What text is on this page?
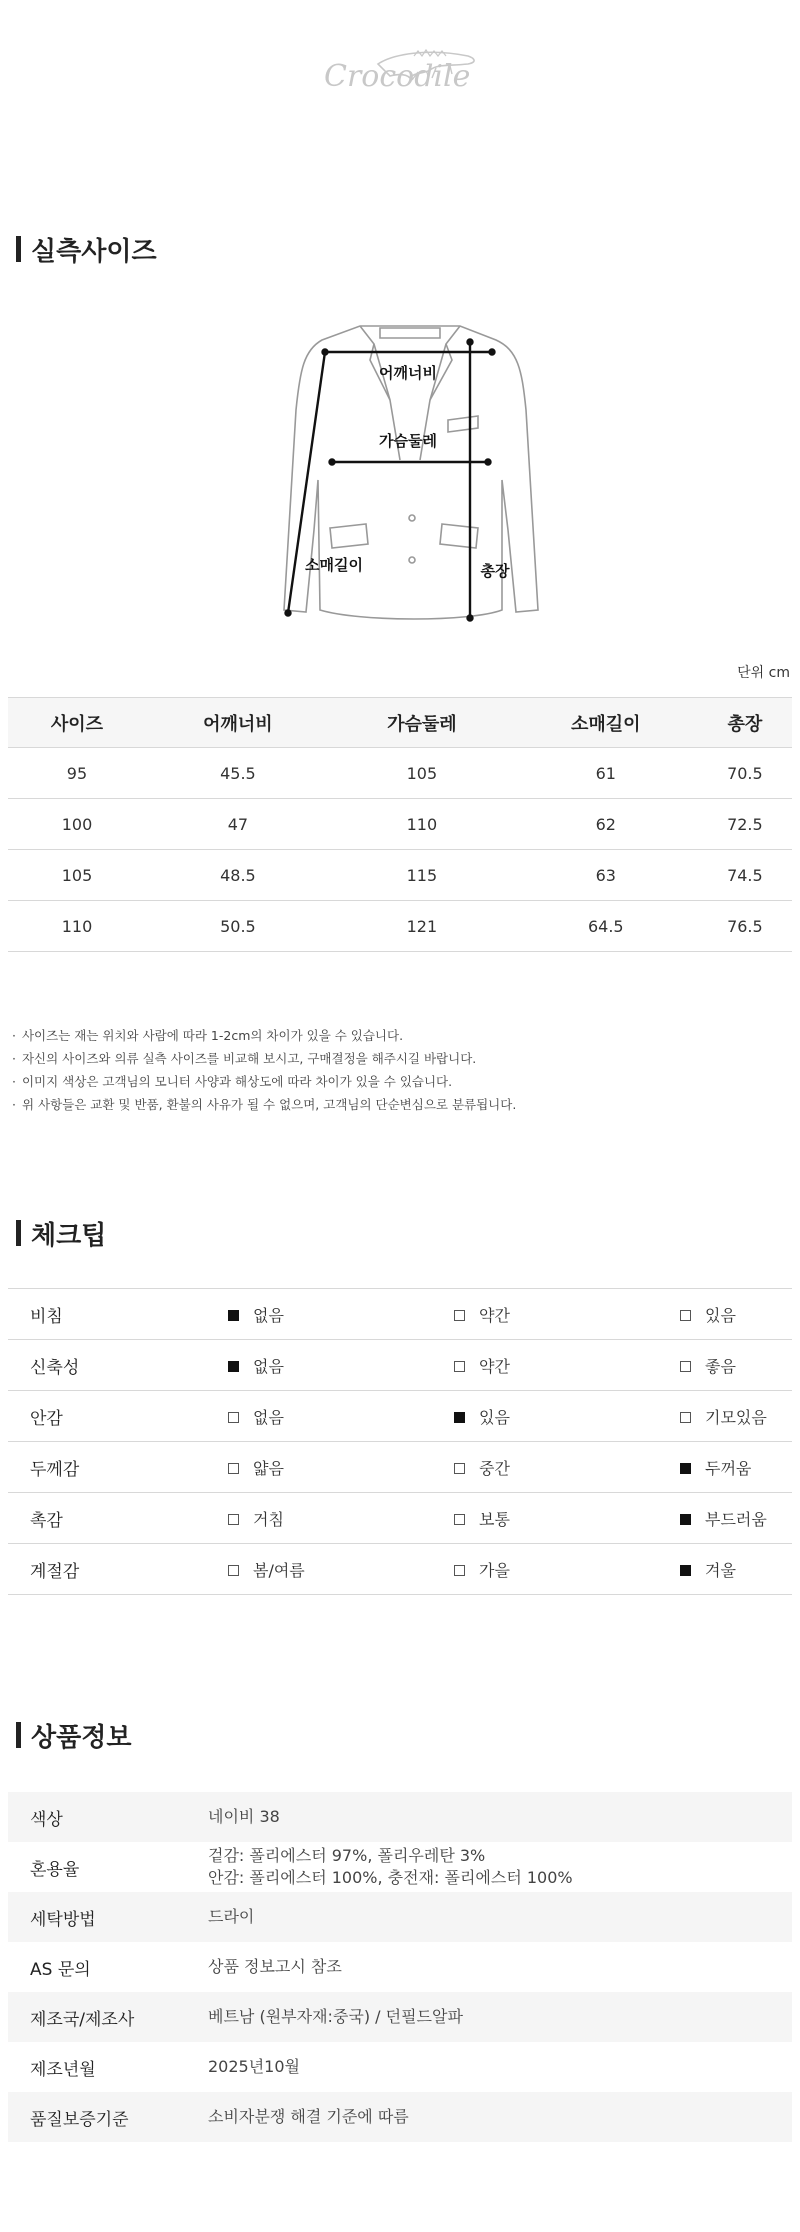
Crocodile
실측사이즈
어깨너비
가슴둘레
소매길이	총장
단위 cm
사이즈	어깨너비	가슴둘레	소매길이	총장
95	45.5	105	61	70.5
100	47	110	62	72.5
105	48.5	115	63	74.5
110	50.5	121	64.5	76.5
· 사이즈는 재는 위치와 사람에 따라 1-2cm의 차이가 있을 수 있습니다.
· 자신의 사이즈와 의류 실측 사이즈를 비교해 보시고, 구매결정을 해주시길 바랍니다.
· 이미지 색상은 고객님의 모니터 사양과 해상도에 따라 차이가 있을 수 있습니다.
· 위 사항들은 교환 및 반품, 환불의 사유가 될 수 없으며, 고객님의 단순변심으로 분류됩니다.
체크팁
비침	없음	약간	있음
신축성	없음	약간	좋음
안감	없음	있음	기모있음
두께감	얇음	중간	두꺼움
촉감	거침	보통	부드러움
계절감	봄/여름	가을	겨울
상품정보
색상	네이비 38

혼용율	겉감: 폴리에스터 97%, 폴리우레탄 3%
안감: 폴리에스터 100%, 충전재: 폴리에스터 100%

세탁방법	드라이

AS 문의	상품 정보고시 참조

제조국/제조사	베트남 (원부자재:중국) / 던필드알파

제조년월	2025년10월

품질보증기준	소비자분쟁 해결 기준에 따름
